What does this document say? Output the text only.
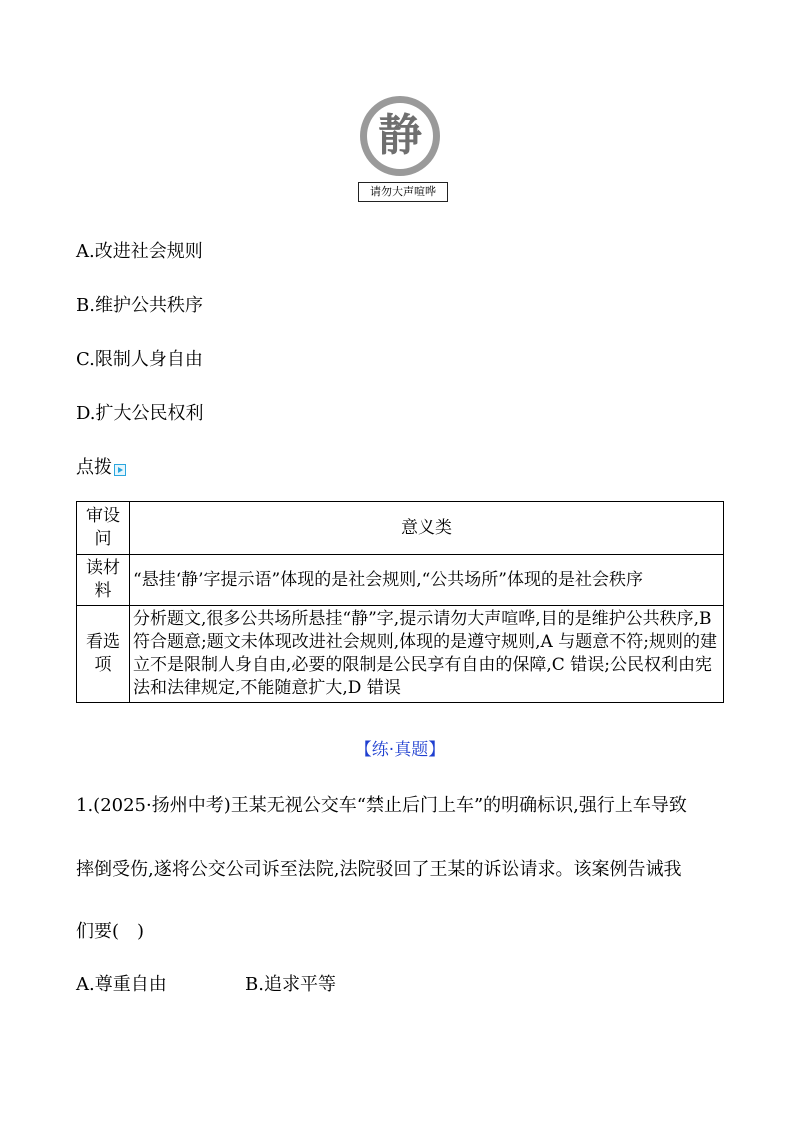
静
请勿大声喧哗
A.改进社会规则
B.维护公共秩序
C.限制人身自由
D.扩大公民权利
点拨
审设问	意义类
读材料	“悬挂‘静’字提示语”体现的是社会规则,“公共场所”体现的是社会秩序
看选项	分析题文,很多公共场所悬挂“静”字,提示请勿大声喧哗,目的是维护公共秩序,B 符合题意;题文未体现改进社会规则,体现的是遵守规则,A 与题意不符;规则的建立不是限制人身自由,必要的限制是公民享有自由的保障,C 错误;公民权利由宪法和法律规定,不能随意扩大,D 错误
【练·真题】
1.(2025·扬州中考)王某无视公交车“禁止后门上车”的明确标识,强行上车导致
摔倒受伤,遂将公交公司诉至法院,法院驳回了王某的诉讼请求。该案例告诫我
们要(　)
A.尊重自由	B.追求平等
